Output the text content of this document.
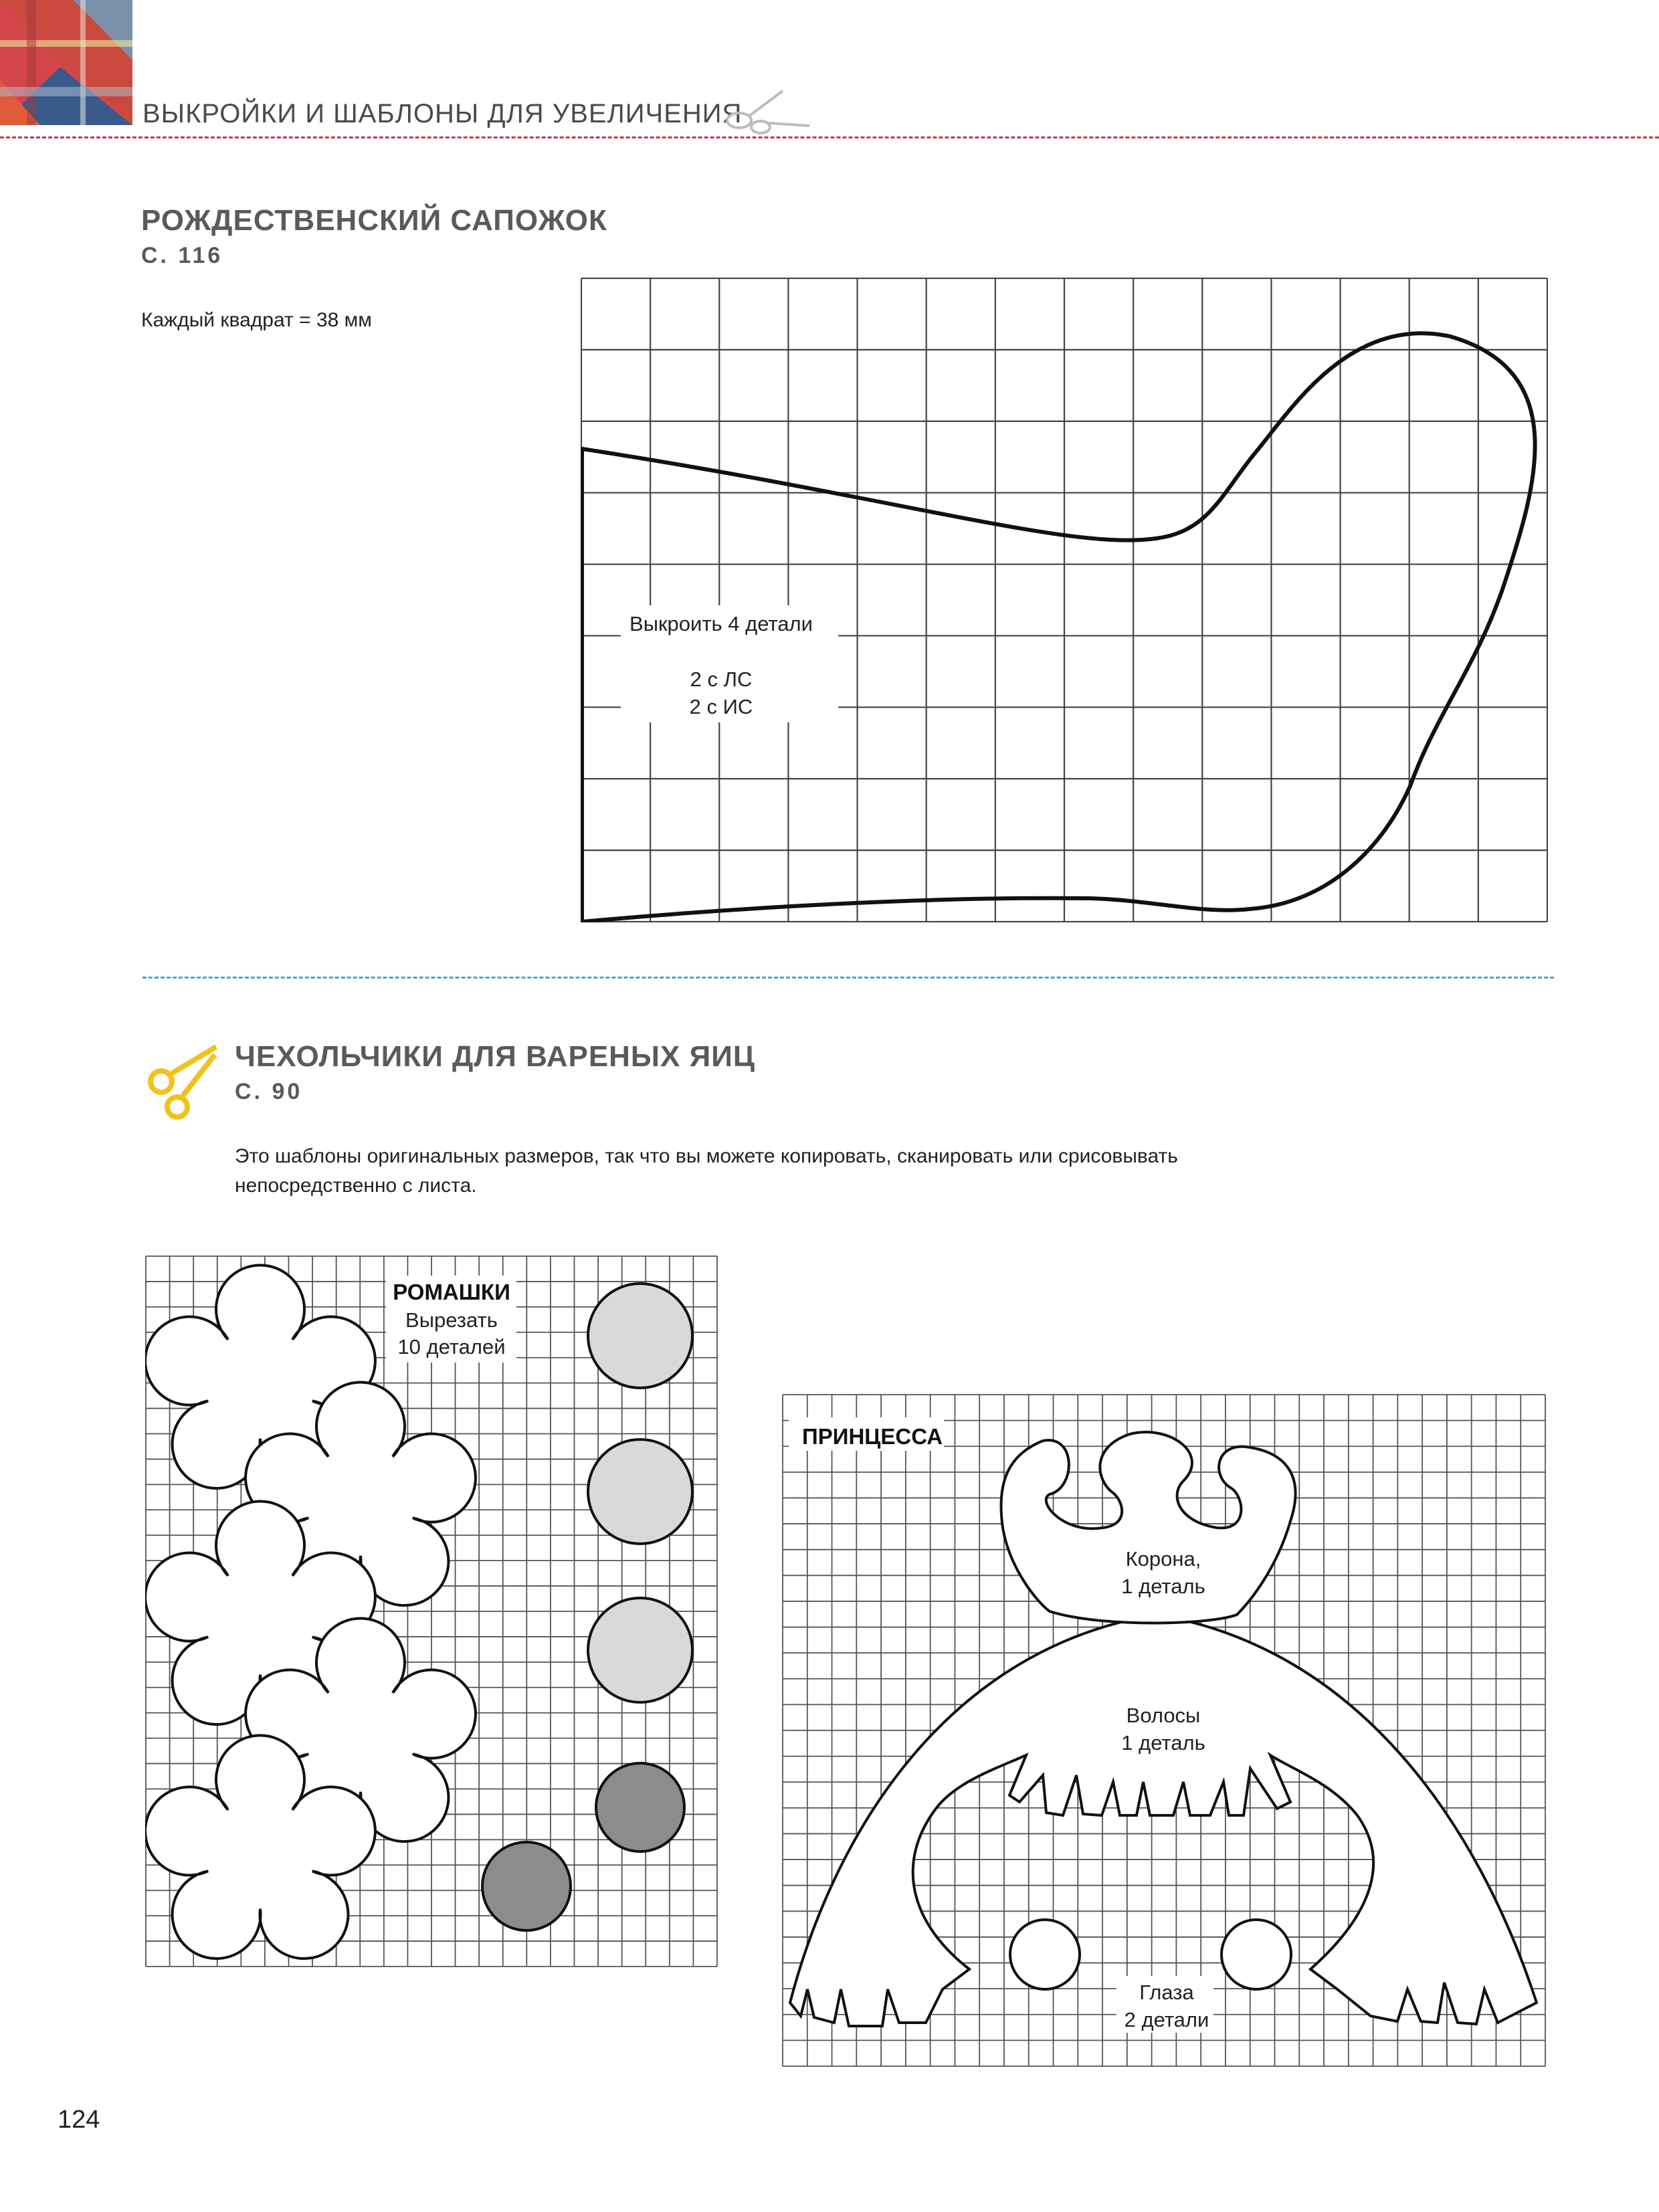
ВЫКРОЙКИ И ШАБЛОНЫ ДЛЯ УВЕЛИЧЕНИЯ
РОЖДЕСТВЕНСКИЙ САПОЖОК
С. 116
Каждый квадрат = 38 мм
Выкроить 4 детали
2 с ЛС
2 с ИС
ЧЕХОЛЬЧИКИ ДЛЯ ВАРЕНЫХ ЯИЦ
С. 90
Это шаблоны оригинальных размеров, так что вы можете копировать, сканировать или срисовывать
непосредственно с листа.
РОМАШКИ
Вырезать
10 деталей
ПРИНЦЕССА
Корона,
1 деталь
Волосы
1 деталь
Глаза
2 детали
124
